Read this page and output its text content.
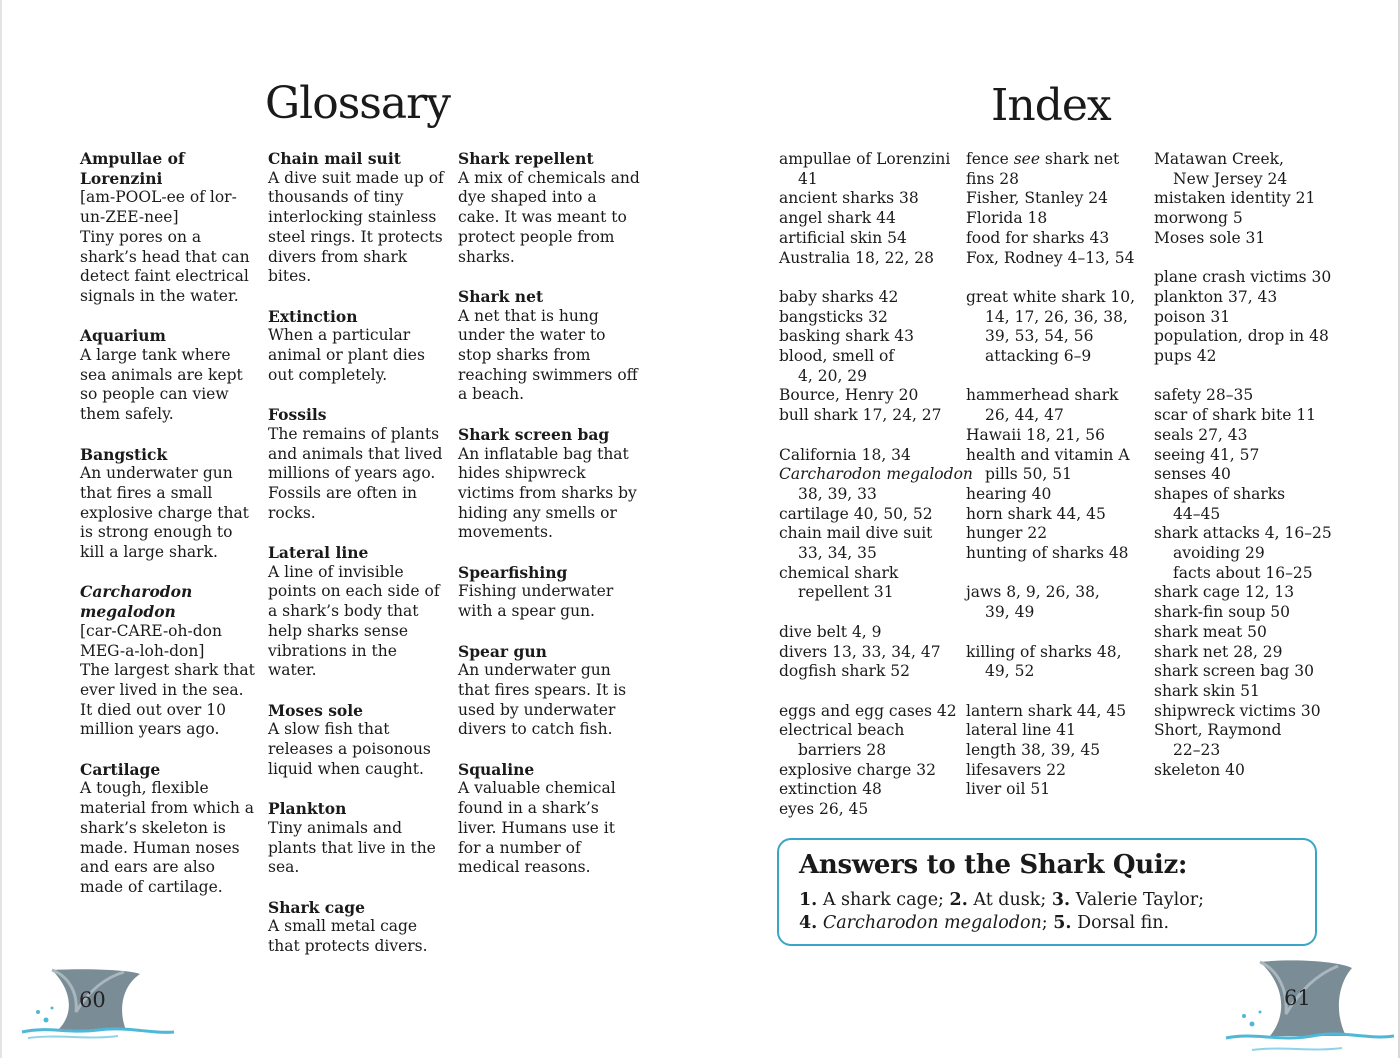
Glossary	Index
Ampullae of Lorenzini
[am-POOL-ee of lor-un-ZEE-nee]
Tiny pores on a shark’s head that can detect faint electrical signals in the water.
Aquarium
A large tank where sea animals are kept so people can view them safely.
Bangstick
An underwater gun that fires a small explosive charge that is strong enough to kill a large shark.
Carcharodon megalodon
[car-CARE-oh-don MEG-a-loh-don]
The largest shark that ever lived in the sea. It died out over 10 million years ago.
Cartilage
A tough, flexible material from which a shark’s skeleton is made. Human noses and ears are also made of cartilage.
Chain mail suit
A dive suit made up of thousands of tiny interlocking stainless steel rings. It protects divers from shark bites.
Extinction
When a particular animal or plant dies out completely.
Fossils
The remains of plants and animals that lived millions of years ago. Fossils are often in rocks.
Lateral line
A line of invisible points on each side of a shark’s body that help sharks sense vibrations in the water.
Moses sole
A slow fish that releases a poisonous liquid when caught.
Plankton
Tiny animals and plants that live in the sea.
Shark cage
A small metal cage that protects divers.
Shark repellent
A mix of chemicals and dye shaped into a cake. It was meant to protect people from sharks.
Shark net
A net that is hung under the water to stop sharks from reaching swimmers off a beach.
Shark screen bag
An inflatable bag that hides shipwreck victims from sharks by hiding any smells or movements.
Spearfishing
Fishing underwater with a spear gun.
Spear gun
An underwater gun that fires spears. It is used by underwater divers to catch fish.
Squaline
A valuable chemical found in a shark’s liver. Humans use it for a number of medical reasons.
ampullae of Lorenzini
41
ancient sharks 38
angel shark 44
artificial skin 54
Australia 18, 22, 28
baby sharks 42
bangsticks 32
basking shark 43
blood, smell of
4, 20, 29
Bource, Henry 20
bull shark 17, 24, 27
California 18, 34
Carcharodon megalodon
38, 39, 33
cartilage 40, 50, 52
chain mail dive suit
33, 34, 35
chemical shark
repellent 31
dive belt 4, 9
divers 13, 33, 34, 47
dogfish shark 52
eggs and egg cases 42
electrical beach
barriers 28
explosive charge 32
extinction 48
eyes 26, 45
fence see shark net
fins 28
Fisher, Stanley 24
Florida 18
food for sharks 43
Fox, Rodney 4–13, 54
great white shark 10,
14, 17, 26, 36, 38,
39, 53, 54, 56
attacking 6–9
hammerhead shark
26, 44, 47
Hawaii 18, 21, 56
health and vitamin A
pills 50, 51
hearing 40
horn shark 44, 45
hunger 22
hunting of sharks 48
jaws 8, 9, 26, 38,
39, 49
killing of sharks 48,
49, 52
lantern shark 44, 45
lateral line 41
length 38, 39, 45
lifesavers 22
liver oil 51
Matawan Creek,
New Jersey 24
mistaken identity 21
morwong 5
Moses sole 31
plane crash victims 30
plankton 37, 43
poison 31
population, drop in 48
pups 42
safety 28–35
scar of shark bite 11
seals 27, 43
seeing 41, 57
senses 40
shapes of sharks
44–45
shark attacks 4, 16–25
avoiding 29
facts about 16–25
shark cage 12, 13
shark-fin soup 50
shark meat 50
shark net 28, 29
shark screen bag 30
shark skin 51
shipwreck victims 30
Short, Raymond
22–23
skeleton 40
Answers to the Shark Quiz:
1. A shark cage; 2. At dusk; 3. Valerie Taylor;
4. Carcharodon megalodon; 5. Dorsal fin.
60	61
